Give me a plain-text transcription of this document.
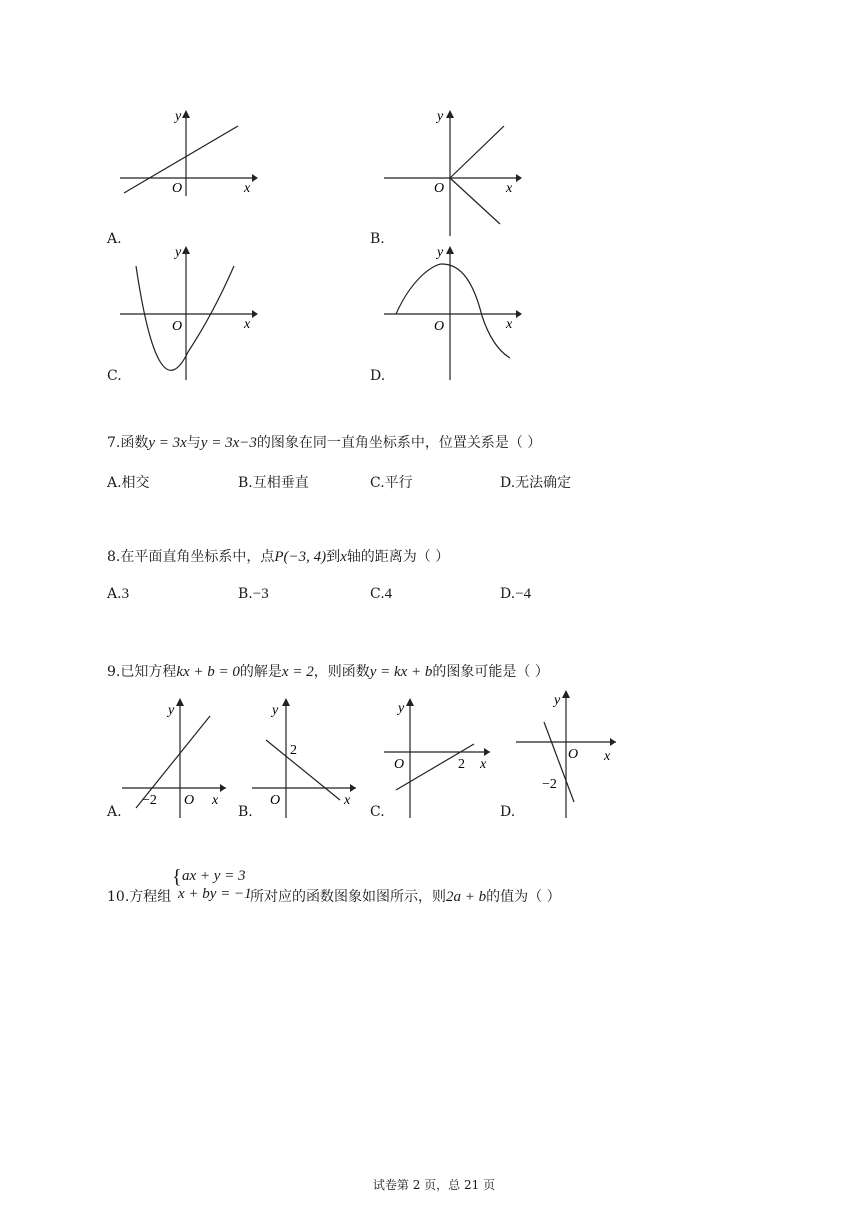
y
x
O
A.
y
x
O
B.
y
x
O
C.
y
x
O
D.
7.函数y = 3x与y = 3x−3的图象在同一直角坐标系中，位置关系是（ ）
A.相交	B.互相垂直	C.平行	D.无法确定
8.在平面直角坐标系中，点P(−3, 4)到x轴的距离为（ ）
A.3	B.−3	C.4	D.−4
9.已知方程kx + b = 0的解是x = 2，则函数y = kx + b的图象可能是（ ）
y
x
O
−2
A.
y
x
O
2
B.
y
x
O	2
C.
y
x
O
−2
D.
10.方程组
{ ax + y = 3
x + by = −1
所对应的函数图象如图所示，则2a + b的值为（ ）
试卷第 2 页，总 21 页
